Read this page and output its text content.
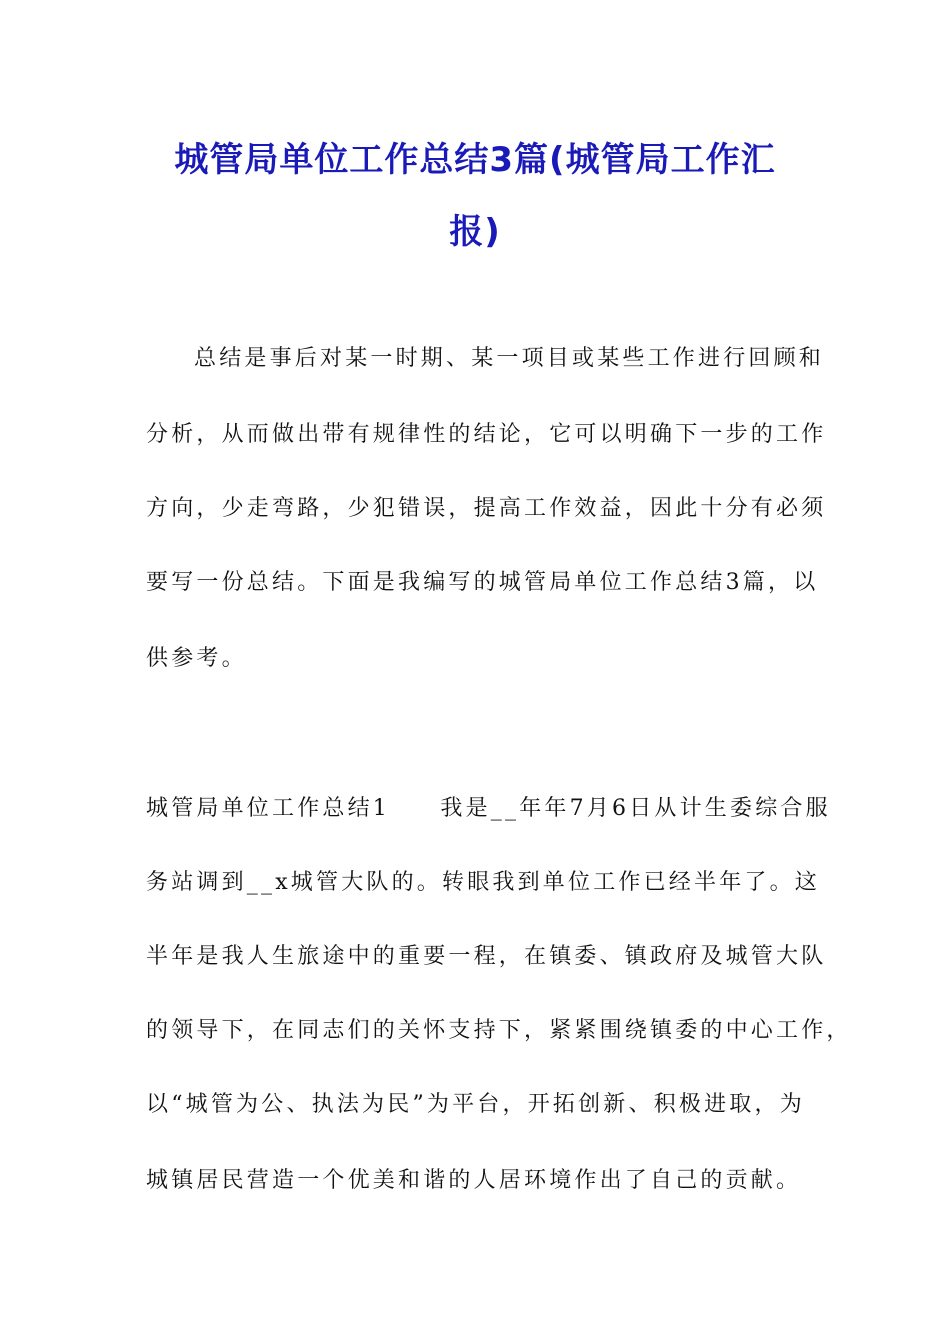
城管局单位工作总结3篇(城管局工作汇
报)
总结是事后对某一时期、某一项目或某些工作进行回顾和
分析，从而做出带有规律性的结论，它可以明确下一步的工作
方向，少走弯路，少犯错误，提高工作效益，因此十分有必须
要写一份总结。下面是我编写的城管局单位工作总结3篇，以
供参考。
城管局单位工作总结1　　我是__年年7月6日从计生委综合服
务站调到__x城管大队的。转眼我到单位工作已经半年了。这
半年是我人生旅途中的重要一程，在镇委、镇政府及城管大队
的领导下，在同志们的关怀支持下，紧紧围绕镇委的中心工作，
以“城管为公、执法为民”为平台，开拓创新、积极进取，为
城镇居民营造一个优美和谐的人居环境作出了自己的贡献。
